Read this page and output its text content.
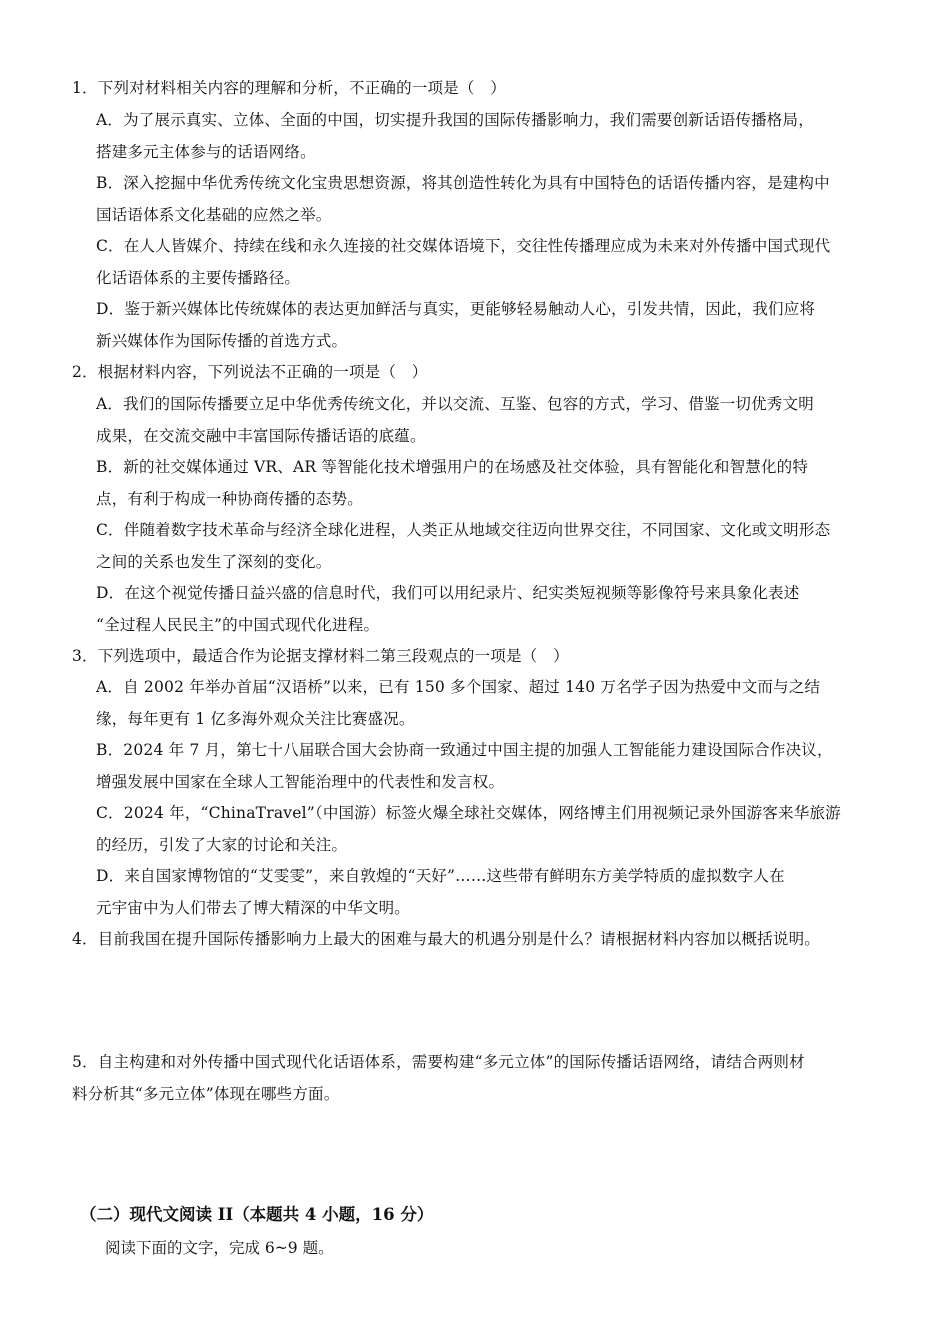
1．下列对材料相关内容的理解和分析，不正确的一项是（　）
A．为了展示真实、立体、全面的中国，切实提升我国的国际传播影响力，我们需要创新话语传播格局，
搭建多元主体参与的话语网络。
B．深入挖掘中华优秀传统文化宝贵思想资源，将其创造性转化为具有中国特色的话语传播内容，是建构中
国话语体系文化基础的应然之举。
C．在人人皆媒介、持续在线和永久连接的社交媒体语境下，交往性传播理应成为未来对外传播中国式现代
化话语体系的主要传播路径。
D．鉴于新兴媒体比传统媒体的表达更加鲜活与真实，更能够轻易触动人心，引发共情，因此，我们应将
新兴媒体作为国际传播的首选方式。
2．根据材料内容，下列说法不正确的一项是（　）
A．我们的国际传播要立足中华优秀传统文化，并以交流、互鉴、包容的方式，学习、借鉴一切优秀文明
成果，在交流交融中丰富国际传播话语的底蕴。
B．新的社交媒体通过 VR、AR 等智能化技术增强用户的在场感及社交体验，具有智能化和智慧化的特
点，有利于构成一种协商传播的态势。
C．伴随着数字技术革命与经济全球化进程，人类正从地域交往迈向世界交往，不同国家、文化或文明形态
之间的关系也发生了深刻的变化。
D．在这个视觉传播日益兴盛的信息时代，我们可以用纪录片、纪实类短视频等影像符号来具象化表述
“全过程人民民主”的中国式现代化进程。
3．下列选项中，最适合作为论据支撑材料二第三段观点的一项是（　）
A．自 2002 年举办首届“汉语桥”以来，已有 150 多个国家、超过 140 万名学子因为热爱中文而与之结
缘，每年更有 1 亿多海外观众关注比赛盛况。
B．2024 年 7 月，第七十八届联合国大会协商一致通过中国主提的加强人工智能能力建设国际合作决议，
增强发展中国家在全球人工智能治理中的代表性和发言权。
C．2024 年，“ChinaTravel”（中国游）标签火爆全球社交媒体，网络博主们用视频记录外国游客来华旅游
的经历，引发了大家的讨论和关注。
D．来自国家博物馆的“艾雯雯”，来自敦煌的“天好”……这些带有鲜明东方美学特质的虚拟数字人在
元宇宙中为人们带去了博大精深的中华文明。
4．目前我国在提升国际传播影响力上最大的困难与最大的机遇分别是什么？请根据材料内容加以概括说明。
5．自主构建和对外传播中国式现代化话语体系，需要构建“多元立体”的国际传播话语网络，请结合两则材
料分析其“多元立体”体现在哪些方面。
（二）现代文阅读 II（本题共 4 小题，16 分）
阅读下面的文字，完成 6~9 题。
